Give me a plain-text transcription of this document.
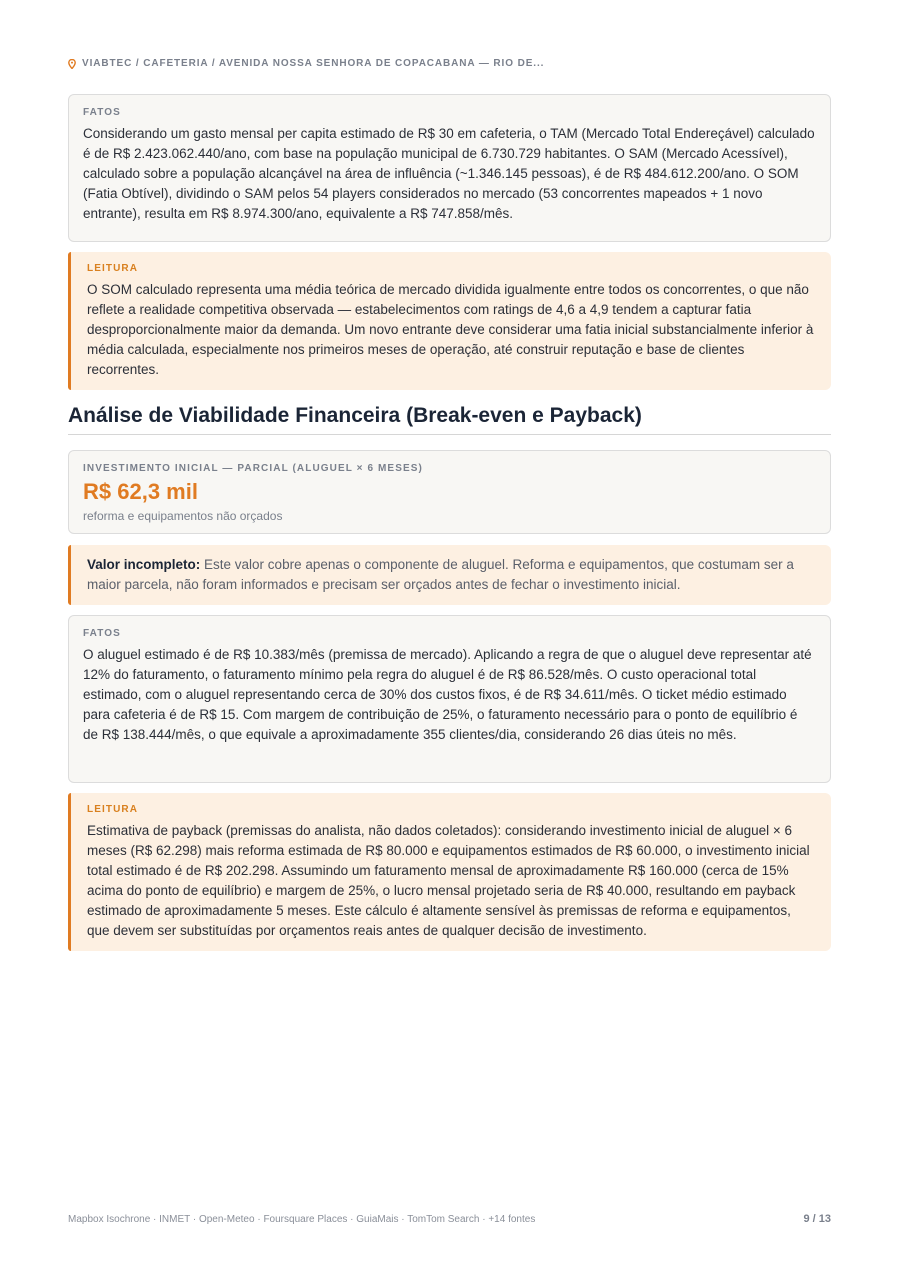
VIABTEC / CAFETERIA / AVENIDA NOSSA SENHORA DE COPACABANA — RIO DE...
FATOS
Considerando um gasto mensal per capita estimado de R$ 30 em cafeteria, o TAM (Mercado Total Endereçável) calculado é de R$ 2.423.062.440/ano, com base na população municipal de 6.730.729 habitantes. O SAM (Mercado Acessível), calculado sobre a população alcançável na área de influência (~1.346.145 pessoas), é de R$ 484.612.200/ano. O SOM (Fatia Obtível), dividindo o SAM pelos 54 players considerados no mercado (53 concorrentes mapeados + 1 novo entrante), resulta em R$ 8.974.300/ano, equivalente a R$ 747.858/mês.
LEITURA
O SOM calculado representa uma média teórica de mercado dividida igualmente entre todos os concorrentes, o que não reflete a realidade competitiva observada — estabelecimentos com ratings de 4,6 a 4,9 tendem a capturar fatia desproporcionalmente maior da demanda. Um novo entrante deve considerar uma fatia inicial substancialmente inferior à média calculada, especialmente nos primeiros meses de operação, até construir reputação e base de clientes recorrentes.
Análise de Viabilidade Financeira (Break-even e Payback)
INVESTIMENTO INICIAL — PARCIAL (ALUGUEL × 6 MESES)
R$ 62,3 mil
reforma e equipamentos não orçados
Valor incompleto: Este valor cobre apenas o componente de aluguel. Reforma e equipamentos, que costumam ser a maior parcela, não foram informados e precisam ser orçados antes de fechar o investimento inicial.
FATOS
O aluguel estimado é de R$ 10.383/mês (premissa de mercado). Aplicando a regra de que o aluguel deve representar até 12% do faturamento, o faturamento mínimo pela regra do aluguel é de R$ 86.528/mês. O custo operacional total estimado, com o aluguel representando cerca de 30% dos custos fixos, é de R$ 34.611/mês. O ticket médio estimado para cafeteria é de R$ 15. Com margem de contribuição de 25%, o faturamento necessário para o ponto de equilíbrio é de R$ 138.444/mês, o que equivale a aproximadamente 355 clientes/dia, considerando 26 dias úteis no mês.
LEITURA
Estimativa de payback (premissas do analista, não dados coletados): considerando investimento inicial de aluguel × 6 meses (R$ 62.298) mais reforma estimada de R$ 80.000 e equipamentos estimados de R$ 60.000, o investimento inicial total estimado é de R$ 202.298. Assumindo um faturamento mensal de aproximadamente R$ 160.000 (cerca de 15% acima do ponto de equilíbrio) e margem de 25%, o lucro mensal projetado seria de R$ 40.000, resultando em payback estimado de aproximadamente 5 meses. Este cálculo é altamente sensível às premissas de reforma e equipamentos, que devem ser substituídas por orçamentos reais antes de qualquer decisão de investimento.
Mapbox Isochrone · INMET · Open-Meteo · Foursquare Places · GuiaMais · TomTom Search · +14 fontes	9 / 13
